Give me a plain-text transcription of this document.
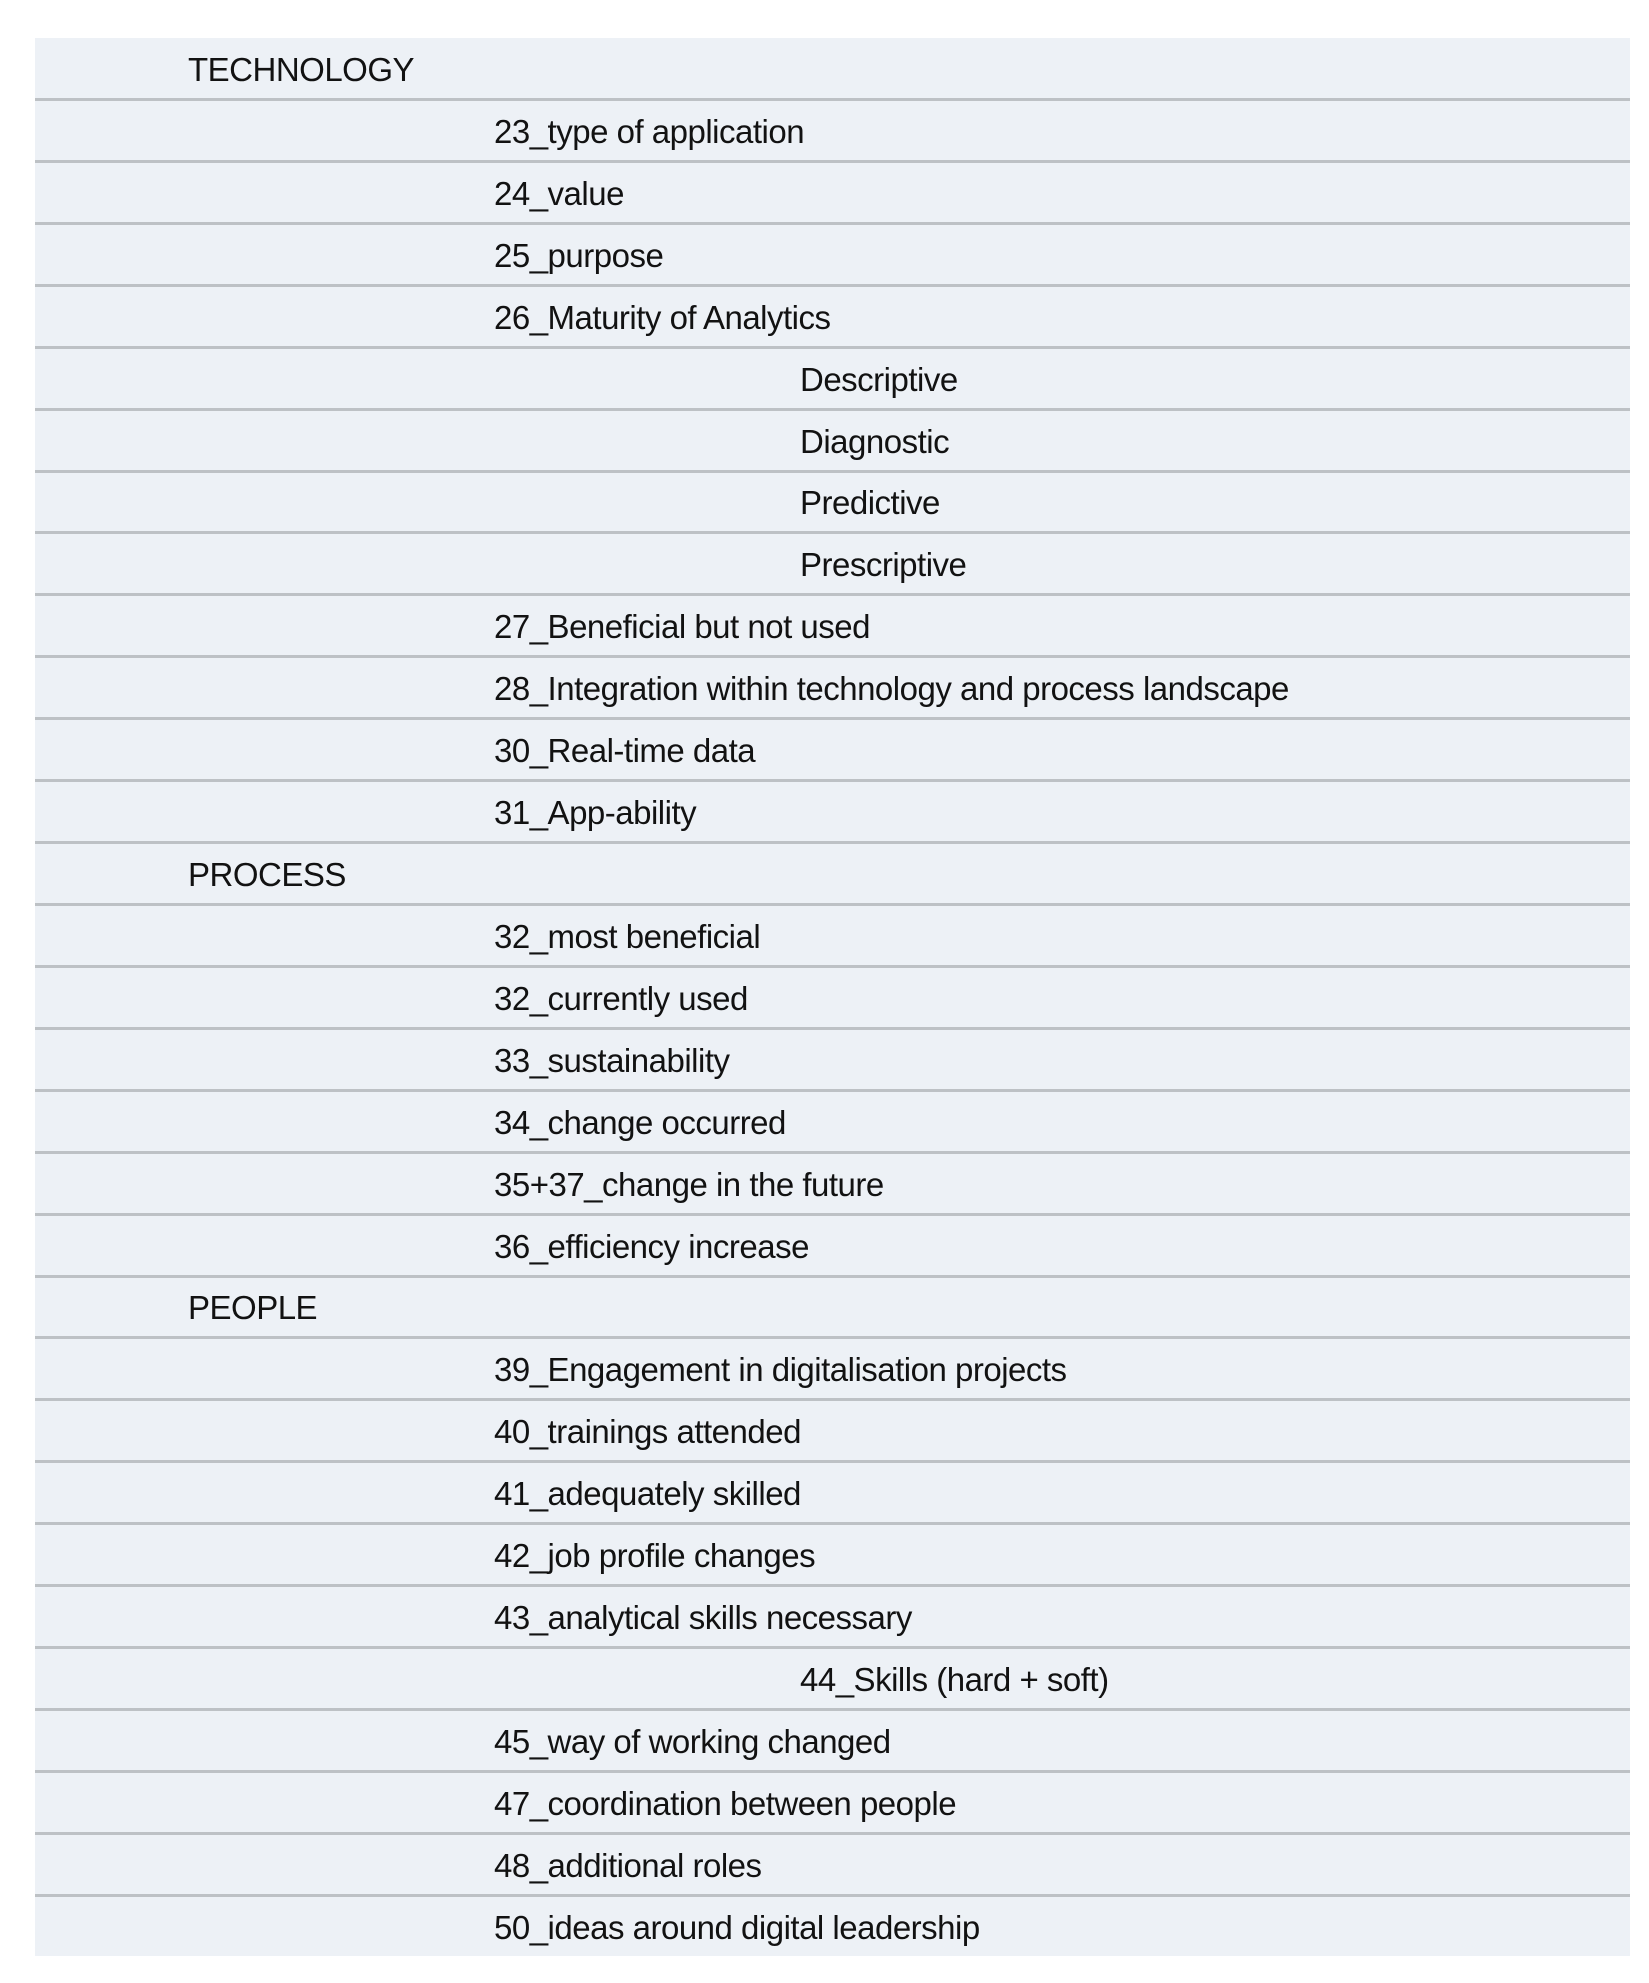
TECHNOLOGY
23_type of application
24_value
25_purpose
26_Maturity of Analytics
Descriptive
Diagnostic
Predictive
Prescriptive
27_Beneficial but not used
28_Integration within technology and process landscape
30_Real-time data
31_App-ability
PROCESS
32_most beneficial
32_currently used
33_sustainability
34_change occurred
35+37_change in the future
36_efficiency increase
PEOPLE
39_Engagement in digitalisation projects
40_trainings attended
41_adequately skilled
42_job profile changes
43_analytical skills necessary
44_Skills (hard + soft)
45_way of working changed
47_coordination between people
48_additional roles
50_ideas around digital leadership
